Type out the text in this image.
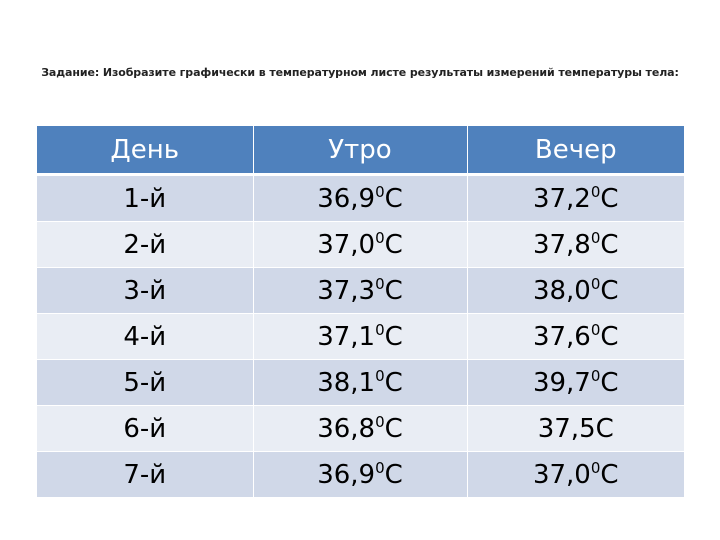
Задание: Изобразите графически в температурном листе результаты измерений температуры тела:
День	Утро	Вечер
1-й	36,9$^0$C	37,2$^0$C
2-й	37,0$^0$C	37,8$^0$C
3-й	37,3$^0$C	38,0$^0$C
4-й	37,1$^0$C	37,6$^0$C
5-й	38,1$^0$C	39,7$^0$C
6-й	36,8$^0$C	37,5C
7-й	36,9$^0$C	37,0$^0$C
